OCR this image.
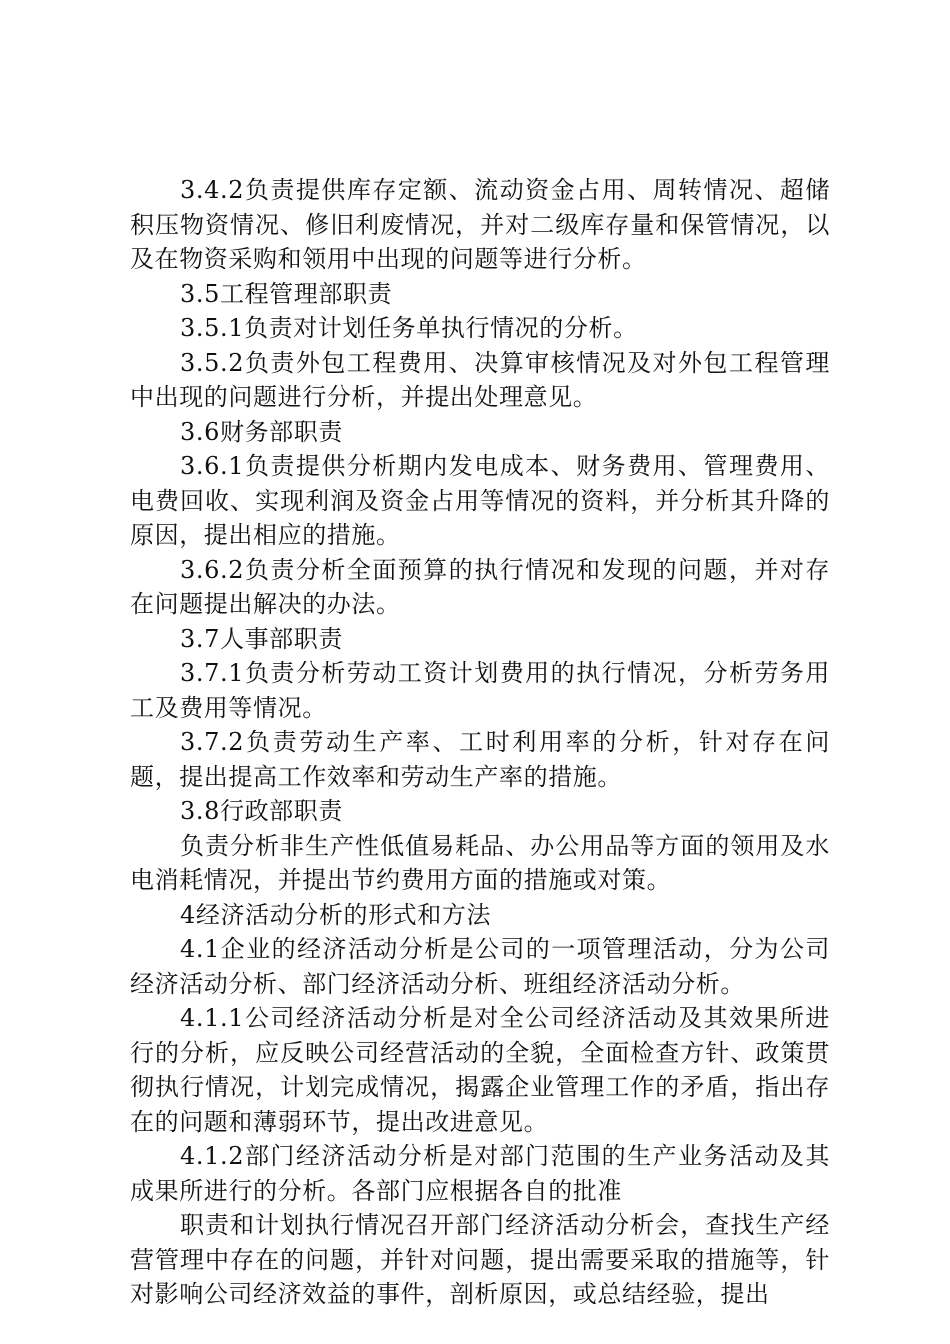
3.4.2负责提供库存定额、流动资金占用、周转情况、超储积压物资情况、修旧利废情况，并对二级库存量和保管情况，以及在物资采购和领用中出现的问题等进行分析。

3.5工程管理部职责

3.5.1负责对计划任务单执行情况的分析。

3.5.2负责外包工程费用、决算审核情况及对外包工程管理中出现的问题进行分析，并提出处理意见。

3.6财务部职责

3.6.1负责提供分析期内发电成本、财务费用、管理费用、电费回收、实现利润及资金占用等情况的资料，并分析其升降的原因，提出相应的措施。

3.6.2负责分析全面预算的执行情况和发现的问题，并对存在问题提出解决的办法。

3.7人事部职责

3.7.1负责分析劳动工资计划费用的执行情况，分析劳务用工及费用等情况。

3.7.2负责劳动生产率、工时利用率的分析，针对存在问题，提出提高工作效率和劳动生产率的措施。

3.8行政部职责

负责分析非生产性低值易耗品、办公用品等方面的领用及水电消耗情况，并提出节约费用方面的措施或对策。

4经济活动分析的形式和方法

4.1企业的经济活动分析是公司的一项管理活动，分为公司经济活动分析、部门经济活动分析、班组经济活动分析。

4.1.1公司经济活动分析是对全公司经济活动及其效果所进行的分析，应反映公司经营活动的全貌，全面检查方针、政策贯彻执行情况，计划完成情况，揭露企业管理工作的矛盾，指出存在的问题和薄弱环节，提出改进意见。

4.1.2部门经济活动分析是对部门范围的生产业务活动及其成果所进行的分析。各部门应根据各自的批准

职责和计划执行情况召开部门经济活动分析会，查找生产经营管理中存在的问题，并针对问题，提出需要采取的措施等，针对影响公司经济效益的事件，剖析原因，或总结经验，提出
